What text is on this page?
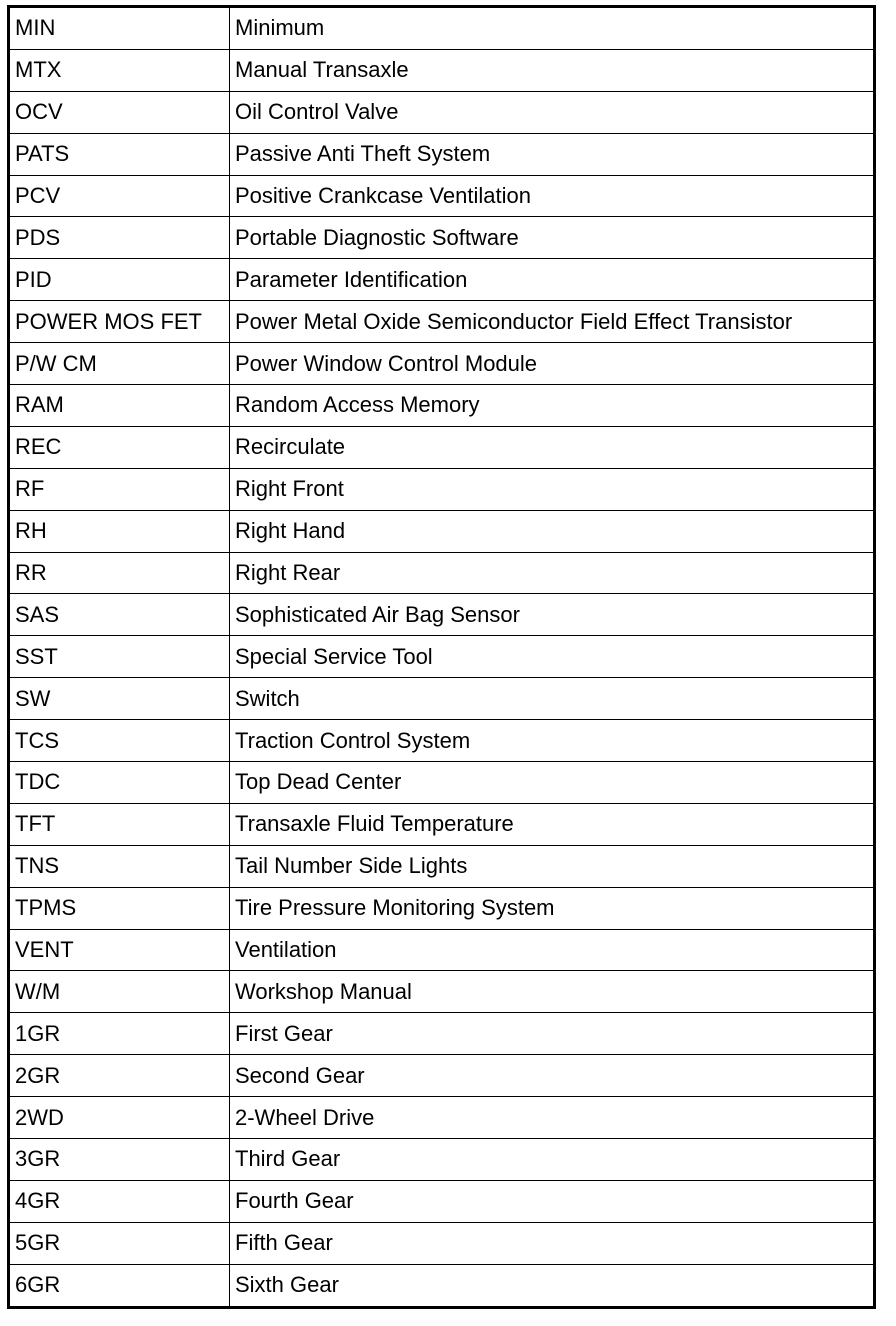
MIN	Minimum
MTX	Manual Transaxle
OCV	Oil Control Valve
PATS	Passive Anti Theft System
PCV	Positive Crankcase Ventilation
PDS	Portable Diagnostic Software
PID	Parameter Identification
POWER MOS FET	Power Metal Oxide Semiconductor Field Effect Transistor
P/W CM	Power Window Control Module
RAM	Random Access Memory
REC	Recirculate
RF	Right Front
RH	Right Hand
RR	Right Rear
SAS	Sophisticated Air Bag Sensor
SST	Special Service Tool
SW	Switch
TCS	Traction Control System
TDC	Top Dead Center
TFT	Transaxle Fluid Temperature
TNS	Tail Number Side Lights
TPMS	Tire Pressure Monitoring System
VENT	Ventilation
W/M	Workshop Manual
1GR	First Gear
2GR	Second Gear
2WD	2-Wheel Drive
3GR	Third Gear
4GR	Fourth Gear
5GR	Fifth Gear
6GR	Sixth Gear
